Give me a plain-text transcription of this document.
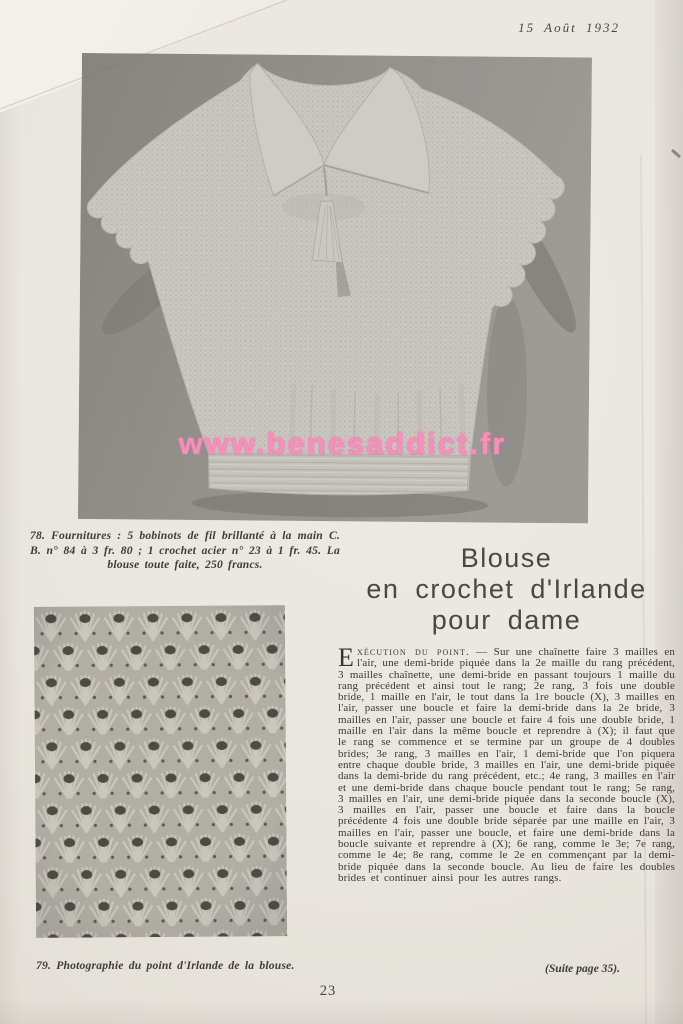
15 Août 1932
www.benesaddict.fr
78. Fournitures : 5 bobinots de fil brillanté à la main C. B. n° 84 à 3 fr. 80 ; 1 crochet acier n° 23 à 1 fr. 45. La blouse toute faite, 250 francs.	Blouse
en crochet d'Irlande
pour dame
79. Photographie du point d'Irlande de la blouse.

Exécution du point. — Sur une chaînette faire 3 mailles en l'air, une demi-bride piquée dans la 2e maille du rang précédent, 3 mailles chaînette, une demi-bride en passant toujours 1 maille du rang précédent et ainsi tout le rang; 2e rang, 3 fois une double bride, 1 maille en l'air, le tout dans la 1re boucle (X), 3 mailles en l'air, passer une boucle et faire la demi-bride dans la 2e bride, 3 mailles en l'air, passer une boucle et faire 4 fois une double bride, 1 maille en l'air dans la même boucle et reprendre à (X); il faut que le rang se commence et se termine par un groupe de 4 doubles brides; 3e rang, 3 mailles en l'air, 1 demi-bride que l'on piquera entre chaque double bride, 3 mailles en l'air, une demi-bride piquée dans la demi-bride du rang précédent, etc.; 4e rang, 3 mailles en l'air et une demi-bride dans chaque boucle pendant tout le rang; 5e rang, 3 mailles en l'air, une demi-bride piquée dans la seconde boucle (X), 3 mailles en l'air, passer une boucle et faire dans la boucle précédente 4 fois une double bride séparée par une maille en l'air, 3 mailles en l'air, passer une boucle, et faire une demi-bride dans la boucle suivante et reprendre à (X); 6e rang, comme le 3e; 7e rang, comme le 4e; 8e rang, comme le 2e en commençant par la demi-bride piquée dans la seconde boucle. Au lieu de faire les doubles brides et continuer ainsi pour les autres rangs.

(Suite page 35).
23
